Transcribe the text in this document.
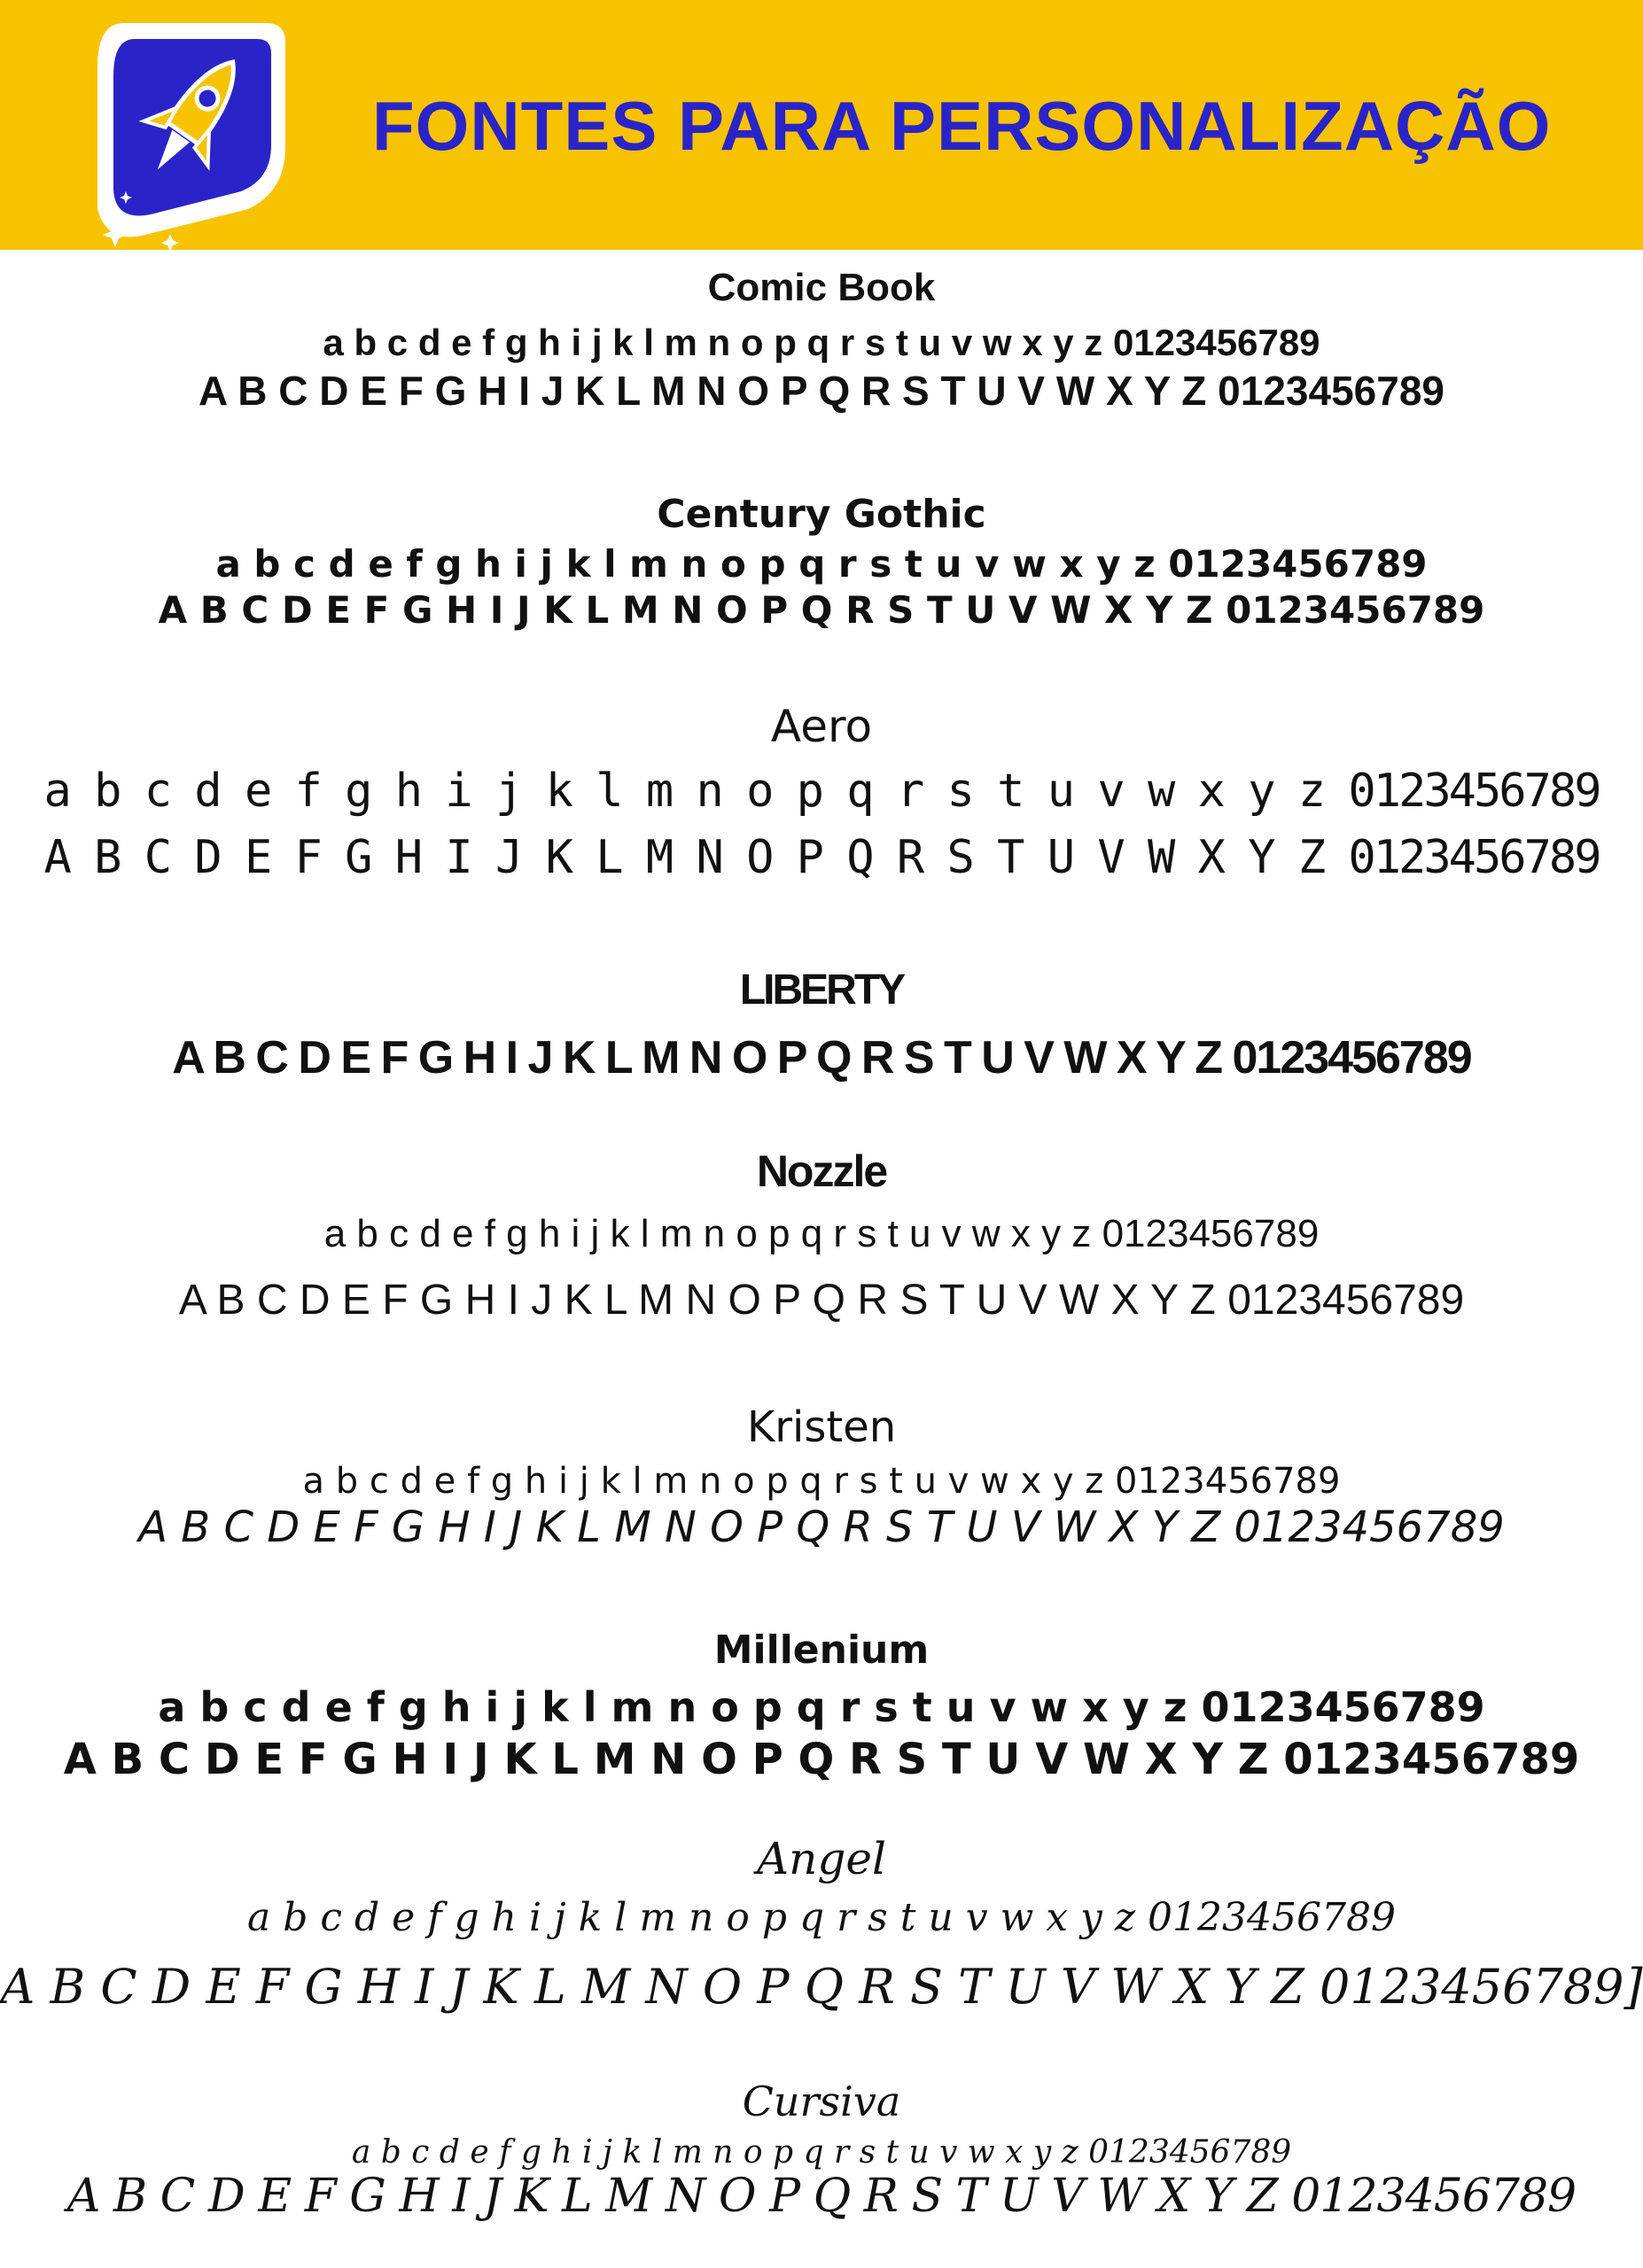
FONTES PARA PERSONALIZAÇÃO
Comic Book
a b c d e f g h i j k l m n o p q r s t u v w x y z 0123456789
A B C D E F G H I J K L M N O P Q R S T U V W X Y Z 0123456789
Century Gothic
a b c d e f g h i j k l m n o p q r s t u v w x y z 0123456789
A B C D E F G H I J K L M N O P Q R S T U V W X Y Z 0123456789
Aero
a b c d e f g h i j k l m n o p q r s t u v w x y z 0123456789
A B C D E F G H I J K L M N O P Q R S T U V W X Y Z 0123456789
LIBERTY
A B C D E F G H I J K L M N O P Q R S T U V W X Y Z 0123456789
Nozzle
a b c d e f g h i j k l m n o p q r s t u v w x y z 0123456789
A B C D E F G H I J K L M N O P Q R S T U V W X Y Z 0123456789
Kristen
a b c d e f g h i j k l m n o p q r s t u v w x y z 0123456789
A B C D E F G H I J K L M N O P Q R S T U V W X Y Z 0123456789
Millenium
a b c d e f g h i j k l m n o p q r s t u v w x y z 0123456789
A B C D E F G H I J K L M N O P Q R S T U V W X Y Z 0123456789
Angel
a b c d e f g h i j k l m n o p q r s t u v w x y z 0123456789
A B C D E F G H I J K L M N O P Q R S T U V W X Y Z 0123456789]
Cursiva
a b c d e f g h i j k l m n o p q r s t u v w x y z 0123456789
A B C D E F G H I J K L M N O P Q R S T U V W X Y Z 0123456789
